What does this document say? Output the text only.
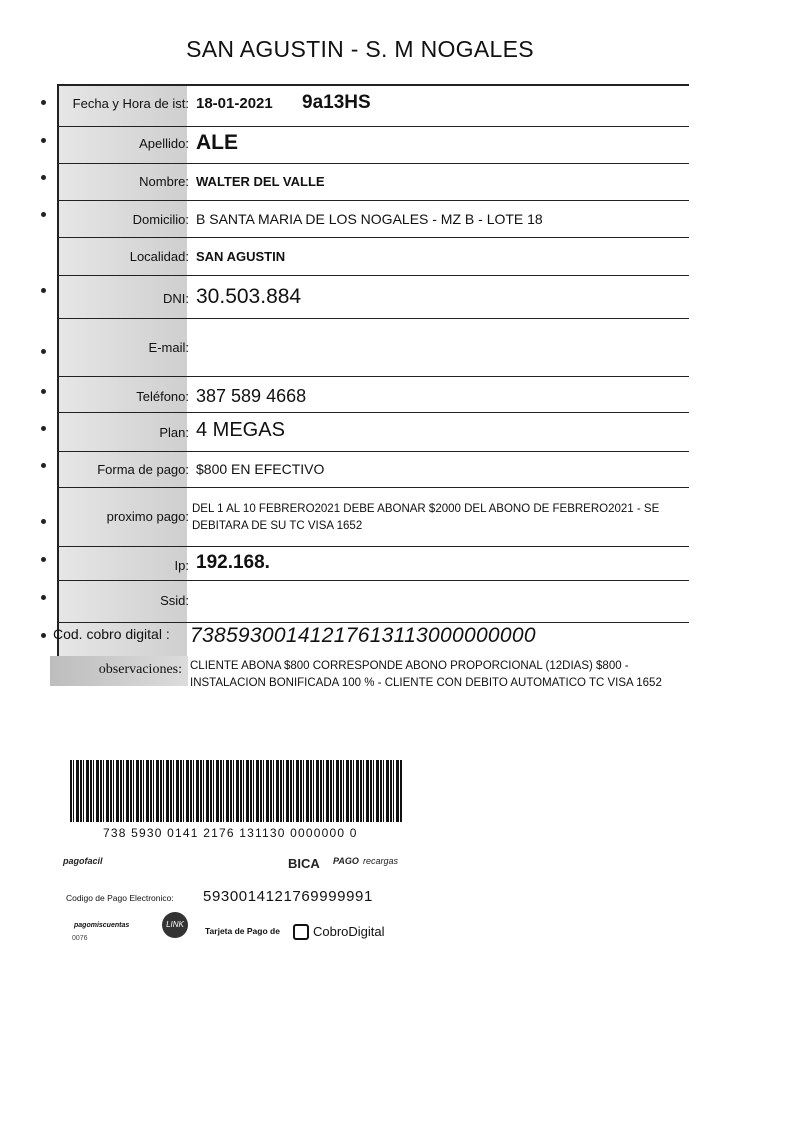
SAN AGUSTIN - S. M NOGALES
Fecha y Hora de ist: 18-01-2021 9a13HS
Apellido: ALE
Nombre: WALTER DEL VALLE
Domicilio: B SANTA MARIA DE LOS NOGALES - MZ B - LOTE 18
Localidad: SAN AGUSTIN
DNI: 30.503.884
E-mail:
Teléfono: 387 589 4668
Plan: 4 MEGAS
Forma de pago: $800 EN EFECTIVO
proximo pago: DEL 1 AL 10 FEBRERO2021 DEBE ABONAR $2000 DEL ABONO DE FEBRERO2021 - SE DEBITARA DE SU TC VISA 1652
Ip: 192.168.
Ssid:
Cod. cobro digital : 73859300141217613113000000000
observaciones: CLIENTE ABONA $800 CORRESPONDE ABONO PROPORCIONAL (12DIAS) $800 - INSTALACION BONIFICADA 100 % - CLIENTE CON DEBITO AUTOMATICO TC VISA 1652
738 5930 0141 2176 131130 0000000 0
pagofacil	BICA PAGO recargas
Codigo de Pago Electronico: 5930014121769999991
pagomiscuentas	LINK
0076
Tarjeta de Pago de	CobroDigital
